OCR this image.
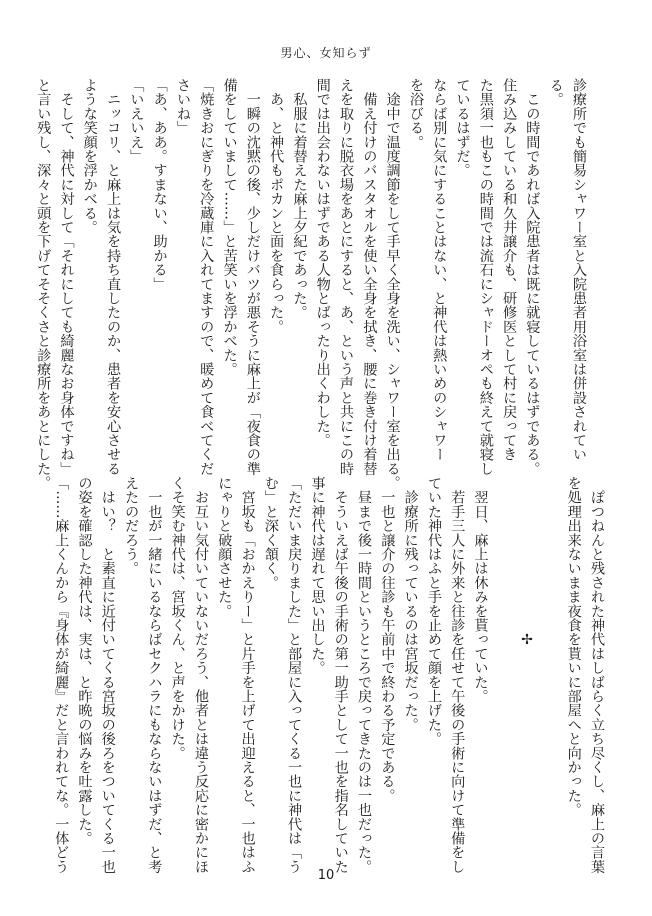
男心、女知らず
診療所でも簡易シャワー室と入院患者用浴室は併設されてい
る。
　この時間であれば入院患者は既に就寝しているはずである。
住み込みしている和久井譲介も、研修医として村に戻ってき
た黒須一也もこの時間では流石にシャドーオペも終えて就寝し
ているはずだ。
ならば別に気にすることはない、と神代は熱いめのシャワー
を浴びる。
　途中で温度調節をして手早く全身を洗い、シャワー室を出る。
　備え付けのバスタオルを使い全身を拭き、腰に巻き付け着替
えを取りに脱衣場をあとにすると、あ、という声と共にこの時
間では出会わないはずである人物とばったり出くわした。
　私服に着替えた麻上夕紀であった。
　あ、と神代もポカンと面を食らった。
　一瞬の沈黙の後、少しだけバツが悪そうに麻上が「夜食の準
備をしていまして……」と苦笑いを浮かべた。
「焼きおにぎりを冷蔵庫に入れてますので、暖めて食べてくだ
さいね」
「あ、ああ。すまない、助かる」
「いえいえ」
　ニッコリ、と麻上は気を持ち直したのか、患者を安心させる
ような笑顔を浮かべる。
　そして、神代に対して「それにしても綺麗なお身体ですね」
と言い残し、深々と頭を下げてそそくさと診療所をあとにした。
　ぽつねんと残された神代はしばらく立ち尽くし、麻上の言葉
を処理出来ないまま夜食を貰いに部屋へと向かった。

✢

　翌日、麻上は休みを貰っていた。
　若手三人に外来と往診を任せて午後の手術に向けて準備をし
ていた神代はふと手を止めて顔を上げた。
　診療所に残っているのは宮坂だった。
　一也と譲介の往診も午前中で終わる予定である。
　昼まで後一時間というところで戻ってきたのは一也だった。
　そういえば午後の手術の第一助手として一也を指名していた
事に神代は遅れて思い出した。
「ただいま戻りました」と部屋に入ってくる一也に神代は「う
む」と深く頷く。
　宮坂も「おかえりー」と片手を上げて出迎えると、一也はふ
にゃりと破顔させた。
　お互い気付いていないだろう、他者とは違う反応に密かにほ
くそ笑む神代は、宮坂くん、と声をかけた。
　一也が一緒にいるならばセクハラにもならないはずだ、と考
えたのだろう。
　はい？　と素直に近付いてくる宮坂の後ろをついてくる一也
の姿を確認した神代は、実は、と昨晩の悩みを吐露した。
「……麻上くんから『身体が綺麗』だと言われてな。一体どう
10
